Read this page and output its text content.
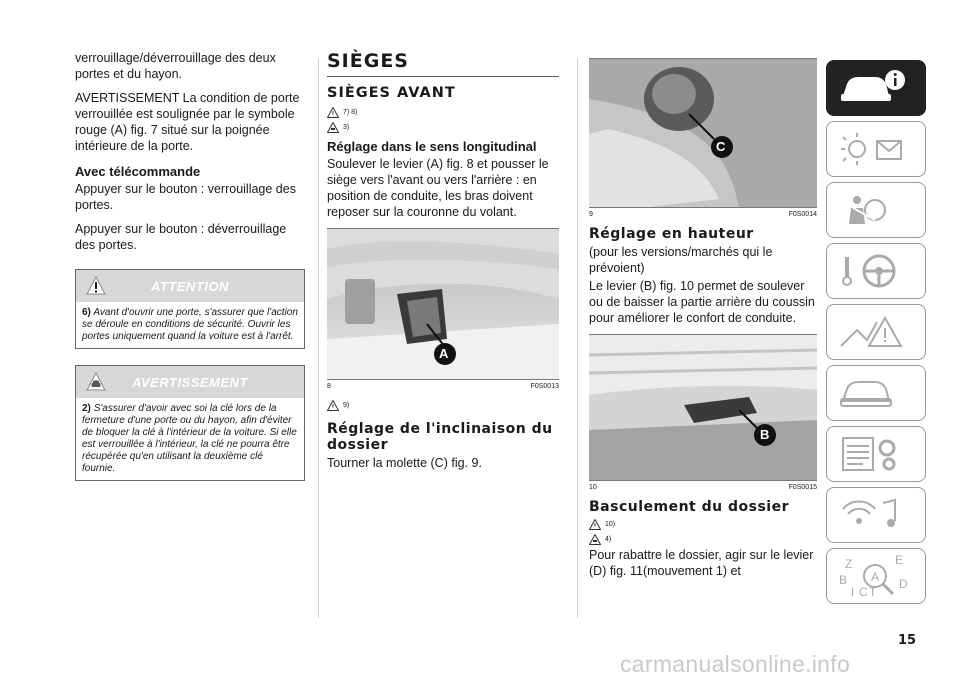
verrouillage/déverrouillage des deux portes et du hayon.

AVERTISSEMENT La condition de porte verrouillée est soulignée par le symbole rouge (A) fig. 7 situé sur la poignée intérieure de la porte.

Avec télécommande

Appuyer sur le bouton : verrouillage des portes.

Appuyer sur le bouton : déverrouillage des portes.

ATTENTION
6) Avant d'ouvrir une porte, s'assurer que l'action se déroule en conditions de sécurité. Ouvrir les portes uniquement quand la voiture est à l'arrêt.
AVERTISSEMENT
2) S'assurer d'avoir avec soi la clé lors de la fermeture d'une porte ou du hayon, afin d'éviter de bloquer la clé à l'intérieur de la voiture. Si elle est verrouillée à l'intérieur, la clé ne pourra être récupérée qu'en utilisant la deuxième clé fournie.
SIÈGES
SIÈGES AVANT
7) 8)
3)
Réglage dans le sens longitudinal

Soulever le levier (A) fig. 8 et pousser le siège vers l'avant ou vers l'arrière : en position de conduite, les bras doivent reposer sur la couronne du volant.

A
8	F0S0013
9)
Réglage de l'inclinaison du dossier

Tourner la molette (C) fig. 9.

C
9	F0S0014
Réglage en hauteur

(pour les versions/marchés qui le prévoient)

Le levier (B) fig. 10 permet de soulever ou de baisser la partie arrière du coussin pour améliorer le confort de conduite.

B
10	F0S0015
Basculement du dossier
10)
4)

Pour rabattre le dossier, agir sur le levier (D) fig. 11(mouvement 1) et	Z	E
A
B
I C T
D
15
carmanualsonline.info
